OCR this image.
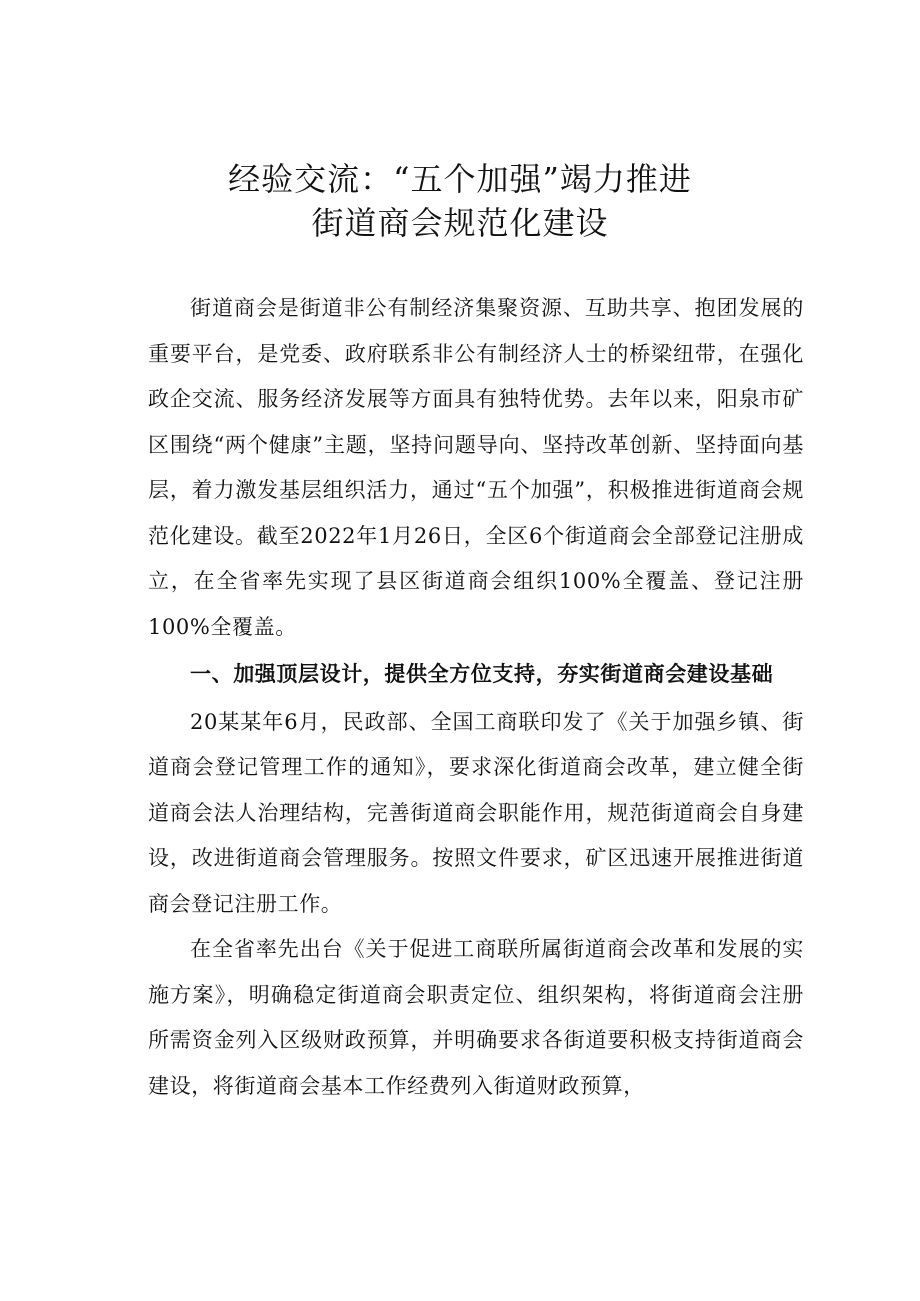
经验交流：“五个加强”竭力推进
街道商会规范化建设

街道商会是街道非公有制经济集聚资源、互助共享、抱团发展的重要平台，是党委、政府联系非公有制经济人士的桥梁纽带，在强化政企交流、服务经济发展等方面具有独特优势。去年以来，阳泉市矿区围绕“两个健康”主题，坚持问题导向、坚持改革创新、坚持面向基层，着力激发基层组织活力，通过“五个加强”，积极推进街道商会规范化建设。截至2022年1月26日，全区6个街道商会全部登记注册成立，在全省率先实现了县区街道商会组织100%全覆盖、登记注册100%全覆盖。

一、加强顶层设计，提供全方位支持，夯实街道商会建设基础

20某某年6月，民政部、全国工商联印发了《关于加强乡镇、街道商会登记管理工作的通知》，要求深化街道商会改革，建立健全街道商会法人治理结构，完善街道商会职能作用，规范街道商会自身建设，改进街道商会管理服务。按照文件要求，矿区迅速开展推进街道商会登记注册工作。

在全省率先出台《关于促进工商联所属街道商会改革和发展的实施方案》，明确稳定街道商会职责定位、组织架构，将街道商会注册所需资金列入区级财政预算，并明确要求各街道要积极支持街道商会建设，将街道商会基本工作经费列入街道财政预算，
